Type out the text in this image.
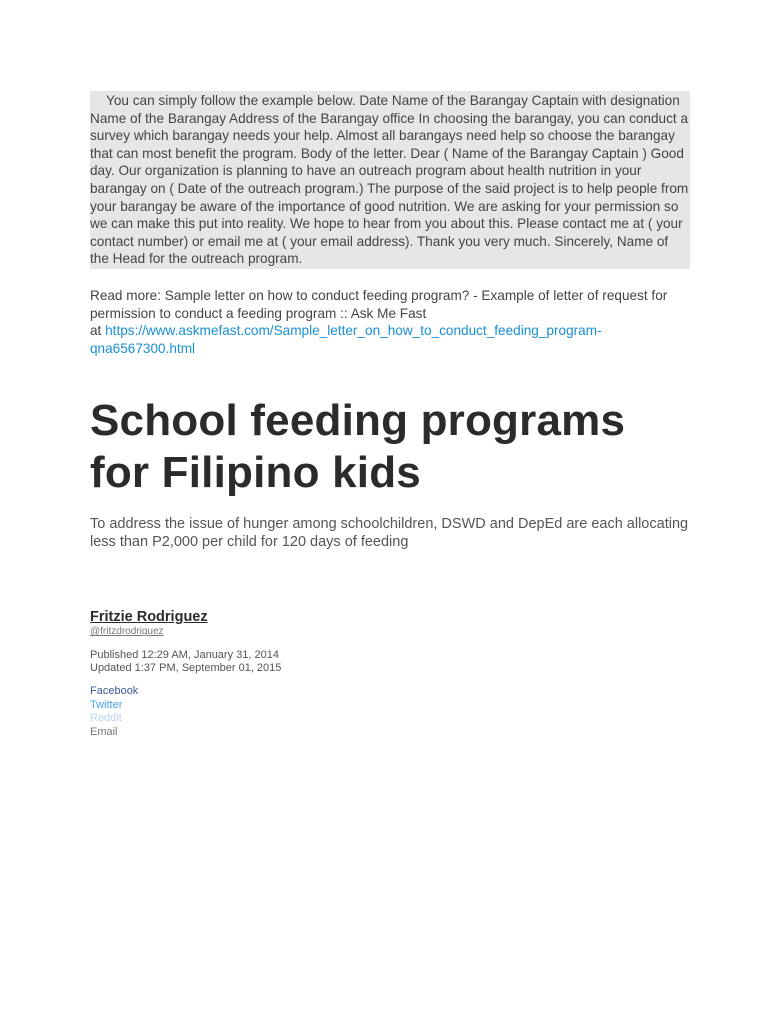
You can simply follow the example below. Date Name of the Barangay Captain with designation Name of the Barangay Address of the Barangay office In choosing the barangay, you can conduct a survey which barangay needs your help. Almost all barangays need help so choose the barangay that can most benefit the program. Body of the letter. Dear ( Name of the Barangay Captain ) Good day. Our organization is planning to have an outreach program about health nutrition in your barangay on ( Date of the outreach program.) The purpose of the said project is to help people from your barangay be aware of the importance of good nutrition. We are asking for your permission so we can make this put into reality. We hope to hear from you about this. Please contact me at ( your contact number) or email me at ( your email address). Thank you very much. Sincerely, Name of the Head for the outreach program.
Read more: Sample letter on how to conduct feeding program? - Example of letter of request for permission to conduct a feeding program :: Ask Me Fast
at https://www.askmefast.com/Sample_letter_on_how_to_conduct_feeding_program-qna6567300.html
School feeding programs
for Filipino kids
To address the issue of hunger among schoolchildren, DSWD and DepEd are each allocating less than P2,000 per child for 120 days of feeding
Fritzie Rodriguez
@fritzdrodriguez
Published 12:29 AM, January 31, 2014
Updated 1:37 PM, September 01, 2015
Facebook
Twitter
Reddit
Email
